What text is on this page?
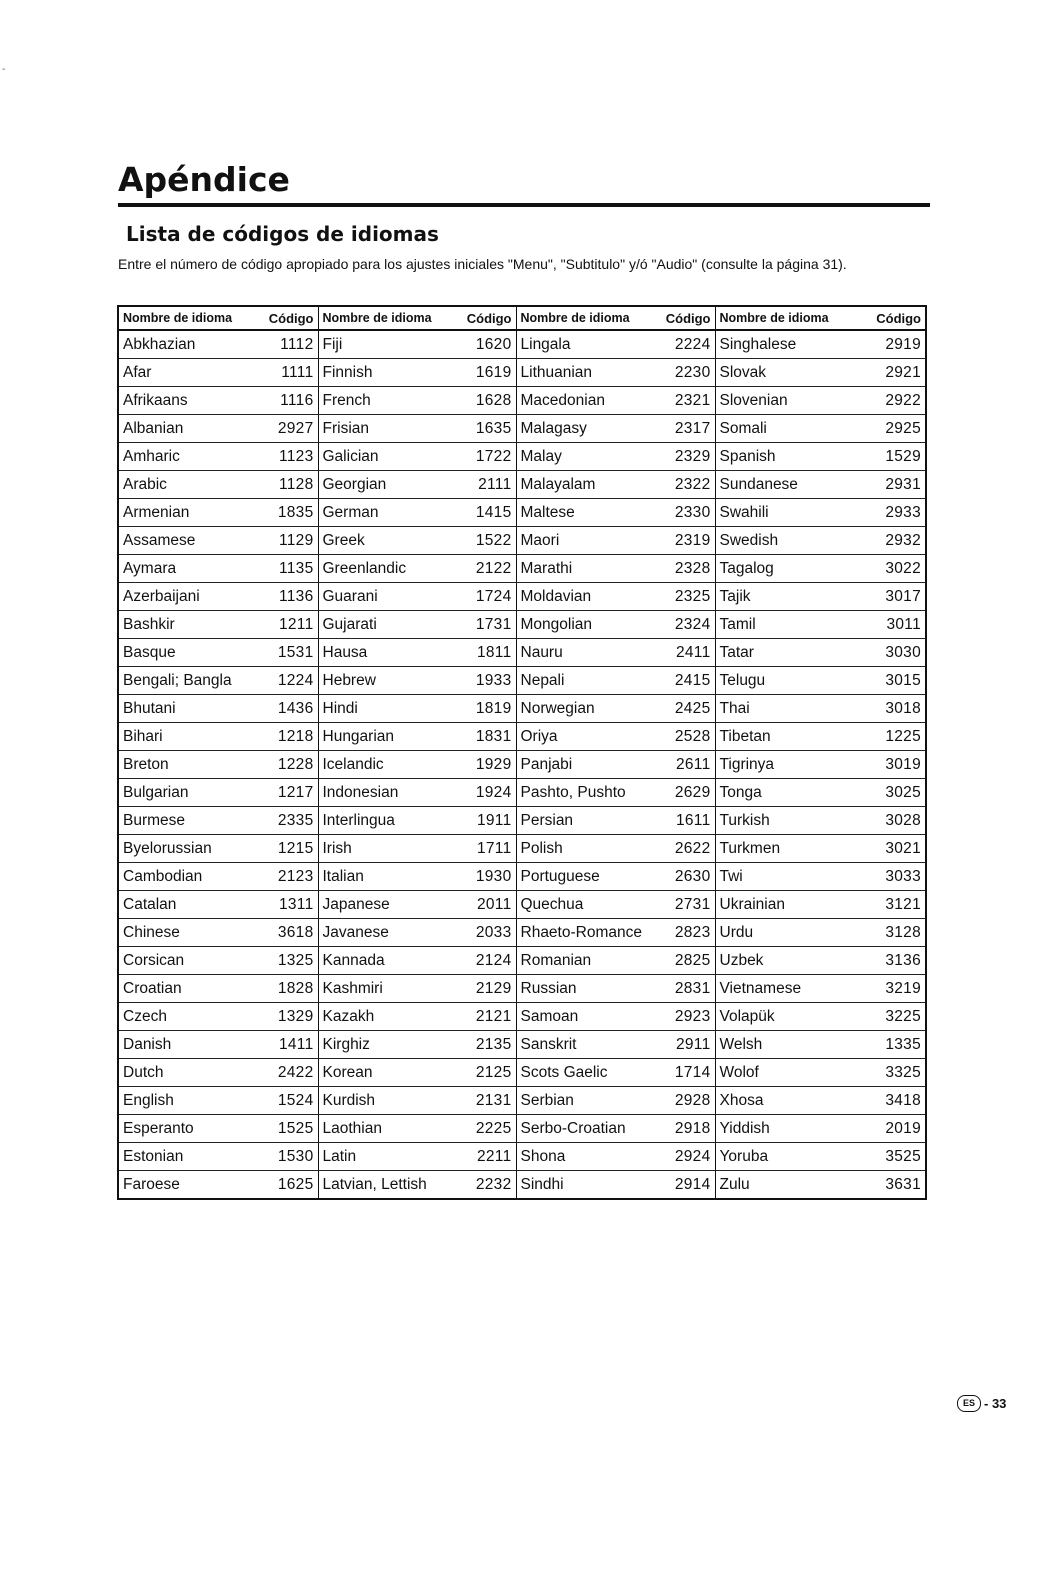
-
Apéndice
Lista de códigos de idiomas

Entre el número de código apropiado para los ajustes iniciales "Menu", "Subtitulo" y/ó "Audio" (consulte la página 31).

Nombre de idioma	Código	Nombre de idioma	Código	Nombre de idioma	Código	Nombre de idioma	Código
Abkhazian	1112	Fiji	1620	Lingala	2224	Singhalese	2919
Afar	1111	Finnish	1619	Lithuanian	2230	Slovak	2921
Afrikaans	1116	French	1628	Macedonian	2321	Slovenian	2922
Albanian	2927	Frisian	1635	Malagasy	2317	Somali	2925
Amharic	1123	Galician	1722	Malay	2329	Spanish	1529
Arabic	1128	Georgian	2111	Malayalam	2322	Sundanese	2931
Armenian	1835	German	1415	Maltese	2330	Swahili	2933
Assamese	1129	Greek	1522	Maori	2319	Swedish	2932
Aymara	1135	Greenlandic	2122	Marathi	2328	Tagalog	3022
Azerbaijani	1136	Guarani	1724	Moldavian	2325	Tajik	3017
Bashkir	1211	Gujarati	1731	Mongolian	2324	Tamil	3011
Basque	1531	Hausa	1811	Nauru	2411	Tatar	3030
Bengali; Bangla	1224	Hebrew	1933	Nepali	2415	Telugu	3015
Bhutani	1436	Hindi	1819	Norwegian	2425	Thai	3018
Bihari	1218	Hungarian	1831	Oriya	2528	Tibetan	1225
Breton	1228	Icelandic	1929	Panjabi	2611	Tigrinya	3019
Bulgarian	1217	Indonesian	1924	Pashto, Pushto	2629	Tonga	3025
Burmese	2335	Interlingua	1911	Persian	1611	Turkish	3028
Byelorussian	1215	Irish	1711	Polish	2622	Turkmen	3021
Cambodian	2123	Italian	1930	Portuguese	2630	Twi	3033
Catalan	1311	Japanese	2011	Quechua	2731	Ukrainian	3121
Chinese	3618	Javanese	2033	Rhaeto-Romance	2823	Urdu	3128
Corsican	1325	Kannada	2124	Romanian	2825	Uzbek	3136
Croatian	1828	Kashmiri	2129	Russian	2831	Vietnamese	3219
Czech	1329	Kazakh	2121	Samoan	2923	Volapük	3225
Danish	1411	Kirghiz	2135	Sanskrit	2911	Welsh	1335
Dutch	2422	Korean	2125	Scots Gaelic	1714	Wolof	3325
English	1524	Kurdish	2131	Serbian	2928	Xhosa	3418
Esperanto	1525	Laothian	2225	Serbo-Croatian	2918	Yiddish	2019
Estonian	1530	Latin	2211	Shona	2924	Yoruba	3525
Faroese	1625	Latvian, Lettish	2232	Sindhi	2914	Zulu	3631
ES - 33
